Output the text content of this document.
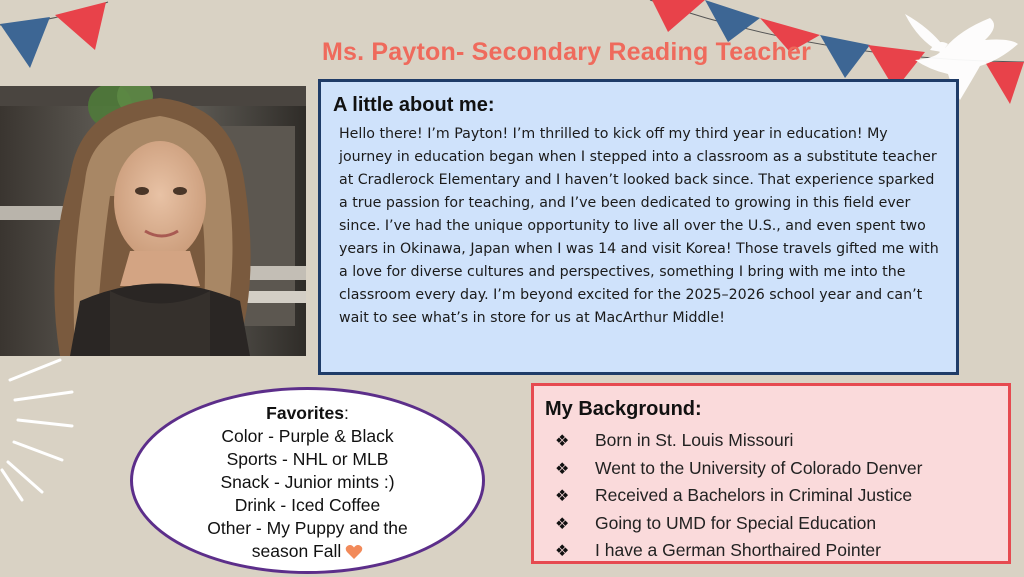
Ms. Payton- Secondary Reading Teacher
A little about me:

Hello there! I’m Payton! I’m thrilled to kick off my third year in education! My journey in education began when I stepped into a classroom as a substitute teacher at Cradlerock Elementary and I haven’t looked back since. That experience sparked a true passion for teaching, and I’ve been dedicated to growing in this field ever since. I’ve had the unique opportunity to live all over the U.S., and even spent two years in Okinawa, Japan when I was 14 and visit Korea! Those travels gifted me with a love for diverse cultures and perspectives, something I bring with me into the classroom every day. I’m beyond excited for the 2025–2026 school year and can’t wait to see what’s in store for us at MacArthur Middle!

Favorites:
Color - Purple & Black
Sports - NHL or MLB
Snack - Junior mints :)
Drink - Iced Coffee
Other - My Puppy and the
season Fall
My Background:
❖	Born in St. Louis Missouri
❖	Went to the University of Colorado Denver
❖	Received a Bachelors in Criminal Justice
❖	Going to UMD for Special Education
❖	I have a German Shorthaired Pointer
